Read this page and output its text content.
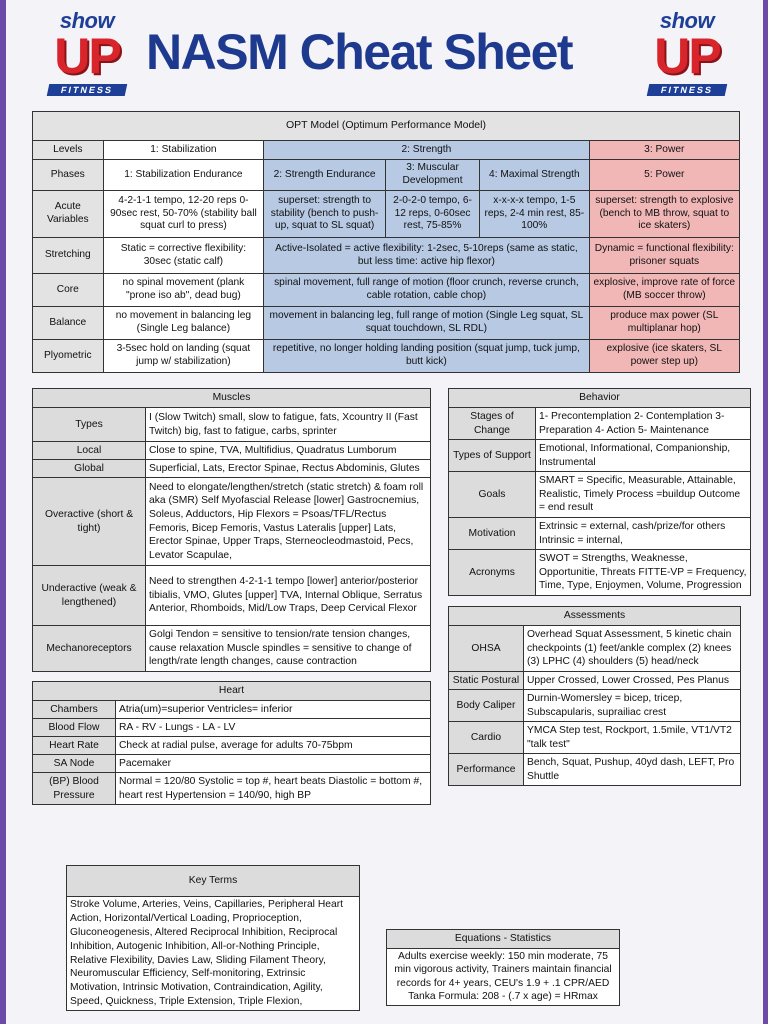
show
UP
FITNESS
show
UP
FITNESS
NASM Cheat Sheet
OPT Model (Optimum Performance Model)					
Levels	1: Stabilization	2: Strength			3: Power
Phases	1: Stabilization Endurance	2: Strength Endurance	3: Muscular Development	4: Maximal Strength	5: Power
Acute Variables	4-2-1-1 tempo, 12-20 reps 0-90sec rest, 50-70% (stability ball squat curl to press)	superset: strength to stability (bench to push-up, squat to SL squat)	2-0-2-0 tempo, 6-12 reps, 0-60sec rest, 75-85%	x-x-x-x tempo, 1-5 reps, 2-4 min rest, 85-100%	superset: strength to explosive (bench to MB throw, squat to ice skaters)
Stretching	Static = corrective flexibility: 30sec (static calf)	Active-Isolated = active flexibility: 1-2sec, 5-10reps (same as static, but less time: active hip flexor)			Dynamic = functional flexibility: prisoner squats
Core	no spinal movement (plank "prone iso ab", dead bug)	spinal movement, full range of motion (floor crunch, reverse crunch, cable rotation, cable chop)			explosive, improve rate of force (MB soccer throw)
Balance	no movement in balancing leg (Single Leg balance)	movement in balancing leg, full range of motion (Single Leg squat, SL squat touchdown, SL RDL)			produce max power (SL multiplanar hop)
Plyometric	3-5sec hold on landing (squat jump w/ stabilization)	repetitive, no longer holding landing position (squat jump, tuck jump, butt kick)			explosive (ice skaters, SL power step up)
Muscles	
Types	I (Slow Twitch) small, slow to fatigue, fats, Xcountry II (Fast Twitch) big, fast to fatigue, carbs, sprinter
Local	Close to spine, TVA, Multifidius, Quadratus Lumborum
Global	Superficial, Lats, Erector Spinae, Rectus Abdominis, Glutes
Overactive (short & tight)	Need to elongate/lengthen/stretch (static stretch) & foam roll aka (SMR) Self Myofascial Release [lower] Gastrocnemius, Soleus, Adductors, Hip Flexors = Psoas/TFL/Rectus Femoris, Bicep Femoris, Vastus Lateralis [upper] Lats, Erector Spinae, Upper Traps, Sterneocleodmastoid, Pecs, Levator Scapulae,
Underactive (weak & lengthened)	Need to strengthen 4-2-1-1 tempo [lower] anterior/posterior tibialis, VMO, Glutes [upper] TVA, Internal Oblique, Serratus Anterior, Rhomboids, Mid/Low Traps, Deep Cervical Flexor
Mechanoreceptors	Golgi Tendon = sensitive to tension/rate tension changes, cause relaxation Muscle spindles = sensitive to change of length/rate length changes, cause contraction
Heart	
Chambers	Atria(um)=superior Ventricles= inferior
Blood Flow	RA - RV - Lungs - LA - LV
Heart Rate	Check at radial pulse, average for adults 70-75bpm
SA Node	Pacemaker
(BP) Blood Pressure	Normal = 120/80 Systolic = top #, heart beats Diastolic = bottom #, heart rest Hypertension = 140/90, high BP
Behavior	
Stages of Change	1- Precontemplation 2- Contemplation 3- Preparation 4- Action 5- Maintenance
Types of Support	Emotional, Informational, Companionship, Instrumental
Goals	SMART = Specific, Measurable, Attainable, Realistic, Timely Process =buildup Outcome = end result
Motivation	Extrinsic = external, cash/prize/for others Intrinsic = internal,
Acronyms	SWOT = Strengths, Weaknesse, Opportunitie, Threats FITTE-VP = Frequency, Time, Type, Enjoymen, Volume, Progression
Assessments	
OHSA	Overhead Squat Assessment, 5 kinetic chain checkpoints (1) feet/ankle complex (2) knees (3) LPHC (4) shoulders (5) head/neck
Static Postural	Upper Crossed, Lower Crossed, Pes Planus
Body Caliper	Durnin-Womersley = bicep, tricep, Subscapularis, suprailiac crest
Cardio	YMCA Step test, Rockport, 1.5mile, VT1/VT2 "talk test"
Performance	Bench, Squat, Pushup, 40yd dash, LEFT, Pro Shuttle
Key Terms
Stroke Volume, Arteries, Veins, Capillaries, Peripheral Heart Action, Horizontal/Vertical Loading, Proprioception, Gluconeogenesis, Altered Reciprocal Inhibition, Reciprocal Inhibition, Autogenic Inhibition, All-or-Nothing Principle, Relative Flexibility, Davies Law, Sliding Filament Theory, Neuromuscular Efficiency, Self-monitoring, Extrinsic Motivation, Intrinsic Motivation, Contraindication, Agility, Speed, Quickness, Triple Extension, Triple Flexion,
Equations - Statistics
Adults exercise weekly: 150 min moderate, 75 min vigorous activity, Trainers maintain financial records for 4+ years, CEU's 1.9 + .1 CPR/AED Tanka Formula: 208 - (.7 x age) = HRmax
